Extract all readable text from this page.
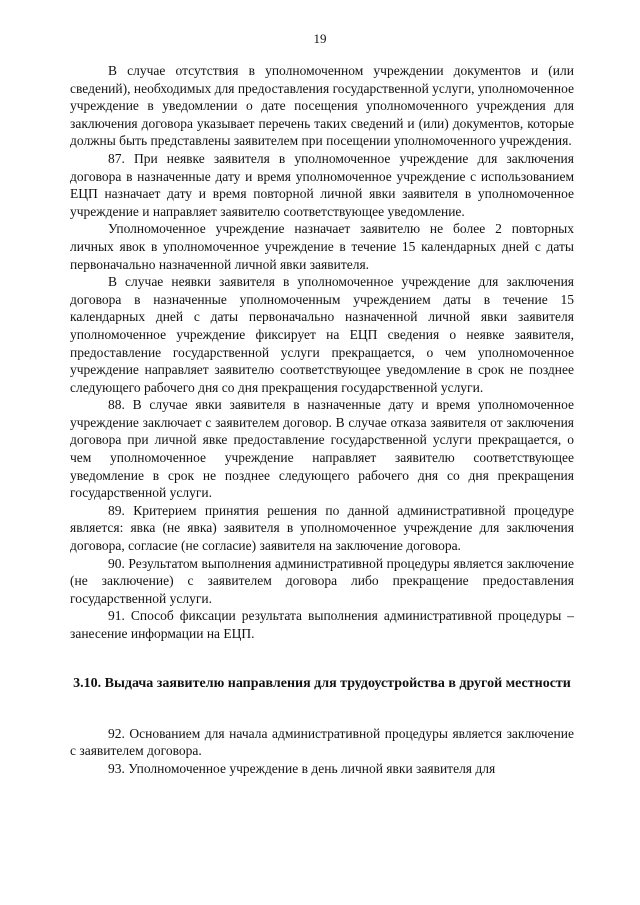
19

В случае отсутствия в уполномоченном учреждении документов и (или сведений), необходимых для предоставления государственной услуги, уполномоченное учреждение в уведомлении о дате посещения уполномоченного учреждения для заключения договора указывает перечень таких сведений и (или) документов, которые должны быть представлены заявителем при посещении уполномоченного учреждения.

87. При неявке заявителя в уполномоченное учреждение для заключения договора в назначенные дату и время уполномоченное учреждение с использованием ЕЦП назначает дату и время повторной личной явки заявителя в уполномоченное учреждение и направляет заявителю соответствующее уведомление.

Уполномоченное учреждение назначает заявителю не более 2 повторных личных явок в уполномоченное учреждение в течение 15 календарных дней с даты первоначально назначенной личной явки заявителя.

В случае неявки заявителя в уполномоченное учреждение для заключения договора в назначенные уполномоченным учреждением даты в течение 15 календарных дней с даты первоначально назначенной личной явки заявителя уполномоченное учреждение фиксирует на ЕЦП сведения о неявке заявителя, предоставление государственной услуги прекращается, о чем уполномоченное учреждение направляет заявителю соответствующее уведомление в срок не позднее следующего рабочего дня со дня прекращения государственной услуги.

88. В случае явки заявителя в назначенные дату и время уполномоченное учреждение заключает с заявителем договор. В случае отказа заявителя от заключения договора при личной явке предоставление государственной услуги прекращается, о чем уполномоченное учреждение направляет заявителю соответствующее уведомление в срок не позднее следующего рабочего дня со дня прекращения государственной услуги.

89. Критерием принятия решения по данной административной процедуре является: явка (не явка) заявителя в уполномоченное учреждение для заключения договора, согласие (не согласие) заявителя на заключение договора.

90. Результатом выполнения административной процедуры является заключение (не заключение) с заявителем договора либо прекращение предоставления государственной услуги.

91. Способ фиксации результата выполнения административной процедуры – занесение информации на ЕЦП.

3.10. Выдача заявителю направления для трудоустройства в другой местности

92. Основанием для начала административной процедуры является заключение с заявителем договора.

93. Уполномоченное учреждение в день личной явки заявителя для
